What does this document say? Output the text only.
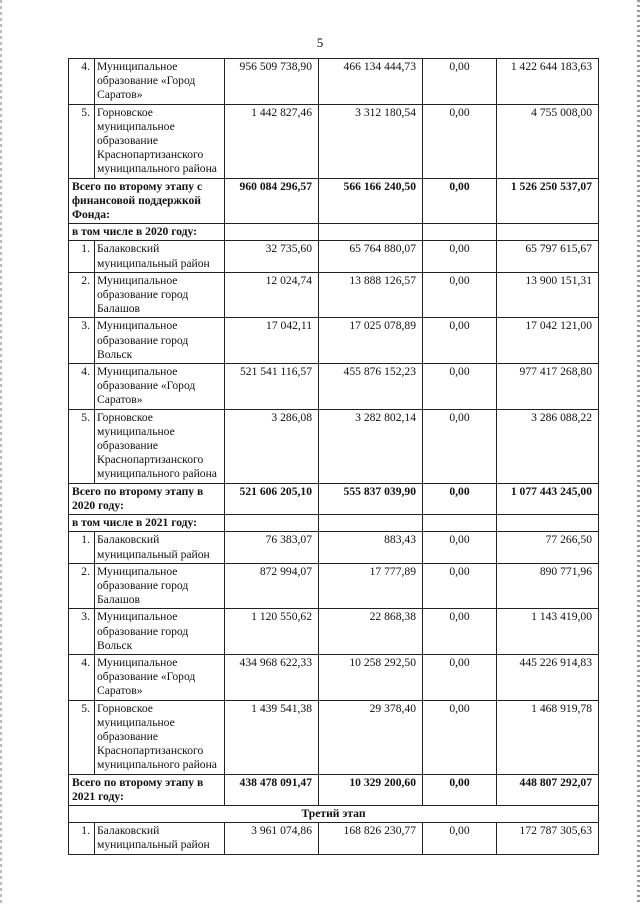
5
4.	Муниципальное образование «Город Саратов»	956 509 738,90	466 134 444,73	0,00	1 422 644 183,63
5.	Горновское муниципальное образование Краснопартизанского муниципального района	1 442 827,46	3 312 180,54	0,00	4 755 008,00
Всего по второму этапу с финансовой поддержкой Фонда:		960 084 296,57	566 166 240,50	0,00	1 526 250 537,07
в том числе в 2020 году:					
1.	Балаковский муниципальный район	32 735,60	65 764 880,07	0,00	65 797 615,67
2.	Муниципальное образование город Балашов	12 024,74	13 888 126,57	0,00	13 900 151,31
3.	Муниципальное образование город Вольск	17 042,11	17 025 078,89	0,00	17 042 121,00
4.	Муниципальное образование «Город Саратов»	521 541 116,57	455 876 152,23	0,00	977 417 268,80
5.	Горновское муниципальное образование Краснопартизанского муниципального района	3 286,08	3 282 802,14	0,00	3 286 088,22
Всего по второму этапу в 2020 году:		521 606 205,10	555 837 039,90	0,00	1 077 443 245,00
в том числе в 2021 году:					
1.	Балаковский муниципальный район	76 383,07	883,43	0,00	77 266,50
2.	Муниципальное образование город Балашов	872 994,07	17 777,89	0,00	890 771,96
3.	Муниципальное образование город Вольск	1 120 550,62	22 868,38	0,00	1 143 419,00
4.	Муниципальное образование «Город Саратов»	434 968 622,33	10 258 292,50	0,00	445 226 914,83
5.	Горновское муниципальное образование Краснопартизанского муниципального района	1 439 541,38	29 378,40	0,00	1 468 919,78
Всего по второму этапу в 2021 году:		438 478 091,47	10 329 200,60	0,00	448 807 292,07
Третий этап					
1.	Балаковский муниципальный район	3 961 074,86	168 826 230,77	0,00	172 787 305,63
